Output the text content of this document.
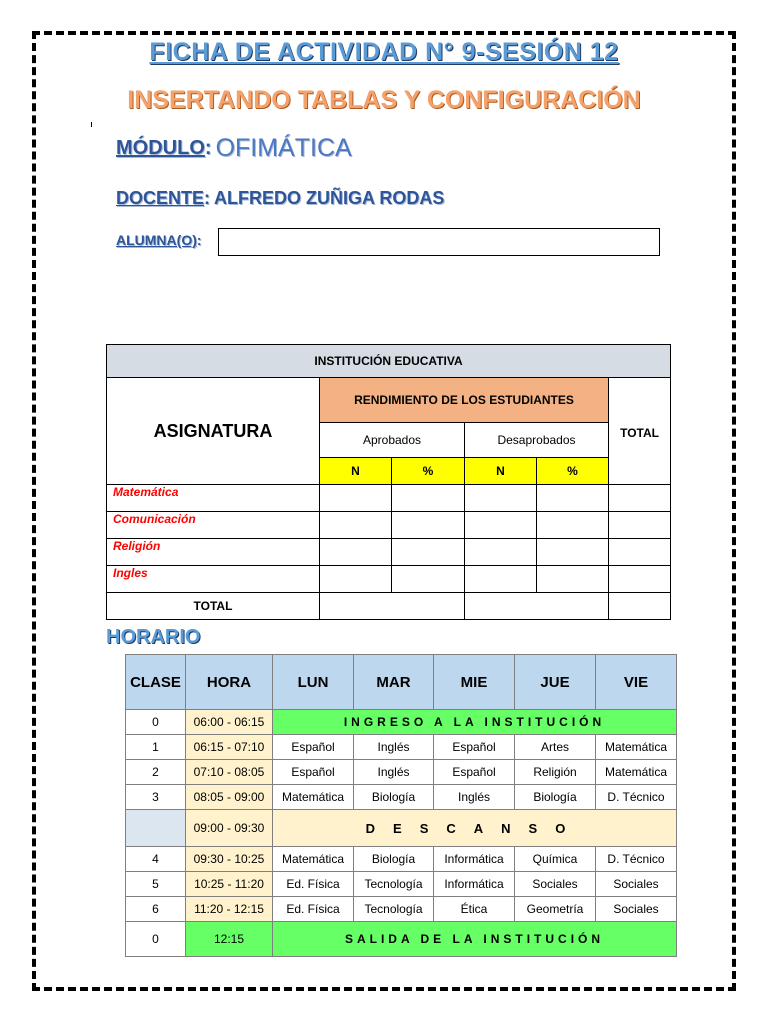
FICHA DE ACTIVIDAD N° 9-SESIÓN 12
INSERTANDO TABLAS Y CONFIGURACIÓN
MÓDULO : OFIMÁTICA
DOCENTE : ALFREDO ZUÑIGA RODAS
ALUMNA(O) :
INSTITUCIÓN EDUCATIVA					
ASIGNATURA	RENDIMIENTO DE LOS ESTUDIANTES				TOTAL
	Aprobados		Desaprobados		
	N	%	N	%	
Matemática					
Comunicación					
Religión					
Ingles					
TOTAL					
HORARIO
CLASE	HORA	LUN	MAR	MIE	JUE	VIE
0	06:00 - 06:15	INGRESO A LA INSTITUCIÓN				
1	06:15 - 07:10	Español	Inglés	Español	Artes	Matemática
2	07:10 - 08:05	Español	Inglés	Español	Religión	Matemática
3	08:05 - 09:00	Matemática	Biología	Inglés	Biología	D. Técnico
	09:00 - 09:30	DESCANSO				
4	09:30 - 10:25	Matemática	Biología	Informática	Química	D. Técnico
5	10:25 - 11:20	Ed. Física	Tecnología	Informática	Sociales	Sociales
6	11:20 - 12:15	Ed. Física	Tecnología	Ética	Geometría	Sociales
0	12:15	SALIDA DE LA INSTITUCIÓN				
